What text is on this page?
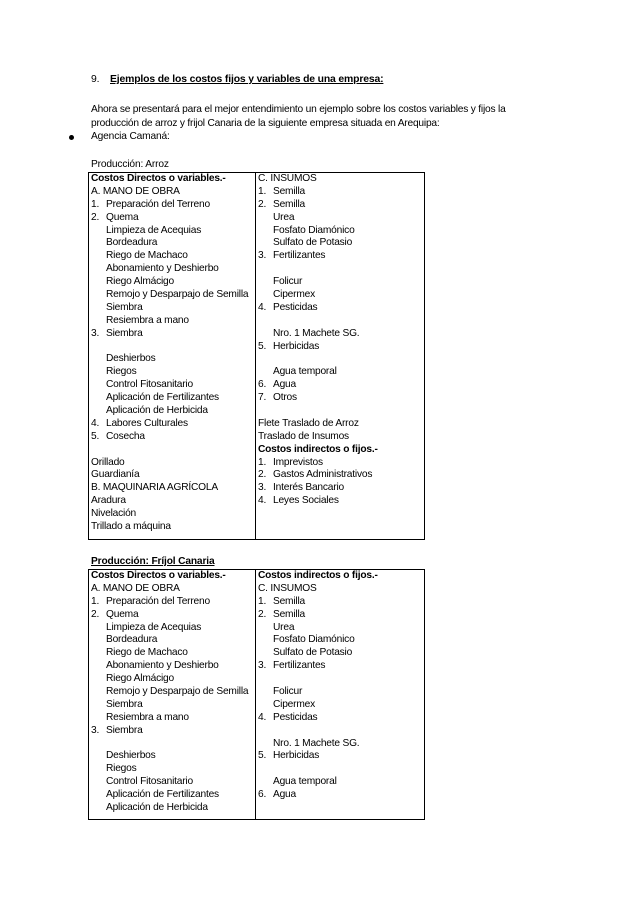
9. Ejemplos de los costos fijos y variables de una empresa:
Ahora se presentará para el mejor entendimiento un ejemplo sobre los costos variables y fijos la producción de arroz y frijol Canaria de la siguiente empresa situada en Arequipa:
Agencia Camaná:
Producción: Arroz
Costos Directos o variables.-
A. MANO DE OBRA
1. Preparación del Terreno
2. Quema
Limpieza de Acequias
Bordeadura
Riego de Machaco
Abonamiento y Deshierbo
Riego Almácigo
Remojo y Desparpajo de Semilla
Siembra
Resiembra a mano
3. Siembra
Deshierbos
Riegos
Control Fitosanitario
Aplicación de Fertilizantes
Aplicación de Herbicida
4. Labores Culturales
5. Cosecha
Orillado
Guardianía
B. MAQUINARIA AGRÍCOLA
Aradura
Nivelación
Trillado a máquina

C. INSUMOS
1. Semilla
2. Semilla
Urea
Fosfato Diamónico
Sulfato de Potasio
3. Fertilizantes
Folicur
Cipermex
4. Pesticidas
Nro. 1 Machete SG.
5. Herbicidas
Agua temporal
6. Agua
7. Otros
Flete Traslado de Arroz
Traslado de Insumos
Costos indirectos o fijos.-
1. Imprevistos
2. Gastos Administrativos
3. Interés Bancario
4. Leyes Sociales
Producción: Fríjol Canaria
Costos Directos o variables.-
A. MANO DE OBRA
1. Preparación del Terreno
2. Quema
Limpieza de Acequias
Bordeadura
Riego de Machaco
Abonamiento y Deshierbo
Riego Almácigo
Remojo y Desparpajo de Semilla
Siembra
Resiembra a mano
3. Siembra
Deshierbos
Riegos
Control Fitosanitario
Aplicación de Fertilizantes
Aplicación de Herbicida

Costos indirectos o fijos.-
C. INSUMOS
1. Semilla
2. Semilla
Urea
Fosfato Diamónico
Sulfato de Potasio
3. Fertilizantes
Folicur
Cipermex
4. Pesticidas
Nro. 1 Machete SG.
5. Herbicidas
Agua temporal
6. Agua
